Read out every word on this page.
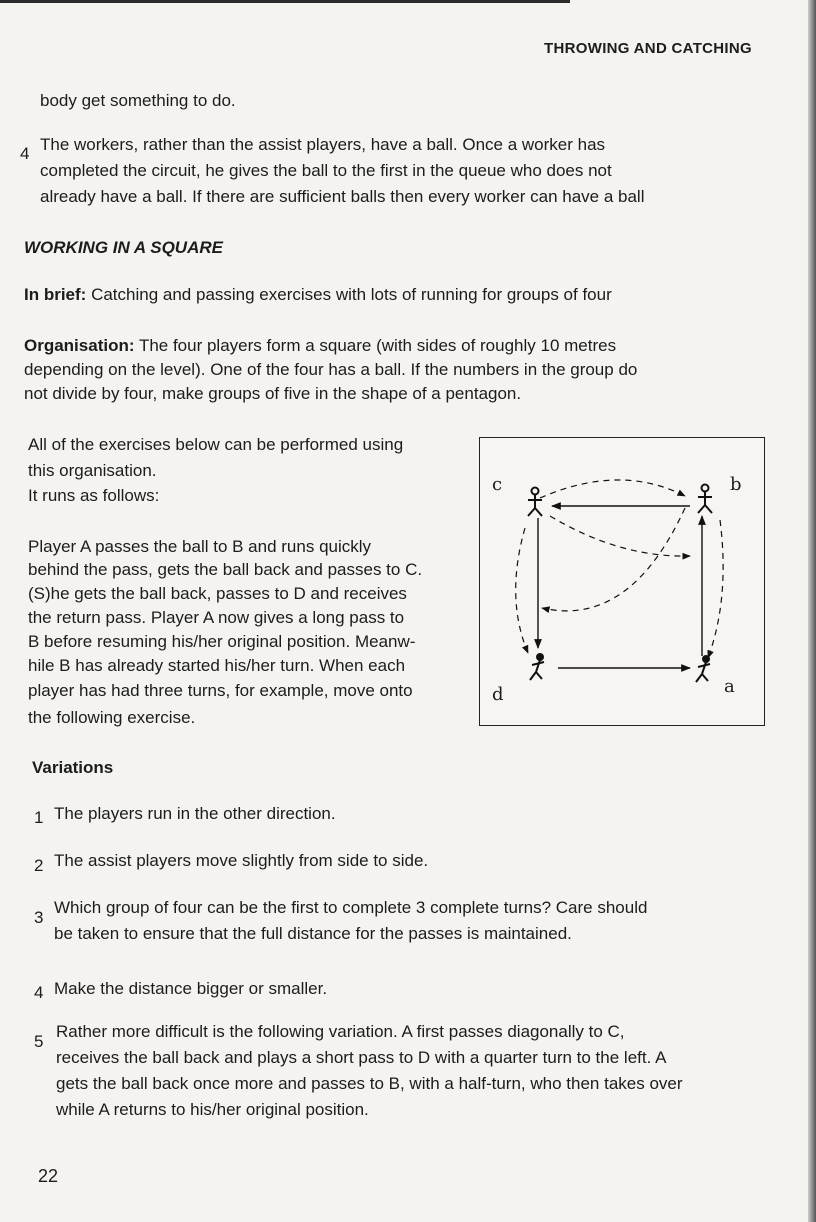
THROWING AND CATCHING
body get something to do.
4 The workers, rather than the assist players, have a ball. Once a worker has
completed the circuit, he gives the ball to the first in the queue who does not
already have a ball. If there are sufficient balls then every worker can have a ball
WORKING IN A SQUARE
In brief: Catching and passing exercises with lots of running for groups of four
Organisation: The four players form a square (with sides of roughly 10 metres
depending on the level). One of the four has a ball. If the numbers in the group do
not divide by four, make groups of five in the shape of a pentagon.
All of the exercises below can be performed using
this organisation.
It runs as follows:
Player A passes the ball to B and runs quickly
behind the pass, gets the ball back and passes to C.
(S)he gets the ball back, passes to D and receives
the return pass. Player A now gives a long pass to
B before resuming his/her original position. Meanw-
hile B has already started his/her turn. When each
player has had three turns, for example, move onto
the following exercise.
c	b
d	a
Variations
1 The players run in the other direction.
2 The assist players move slightly from side to side.
3
Which group of four can be the first to complete 3 complete turns? Care should
be taken to ensure that the full distance for the passes is maintained.
4 Make the distance bigger or smaller.
5
Rather more difficult is the following variation. A first passes diagonally to C,
receives the ball back and plays a short pass to D with a quarter turn to the left. A
gets the ball back once more and passes to B, with a half-turn, who then takes over
while A returns to his/her original position.
22
